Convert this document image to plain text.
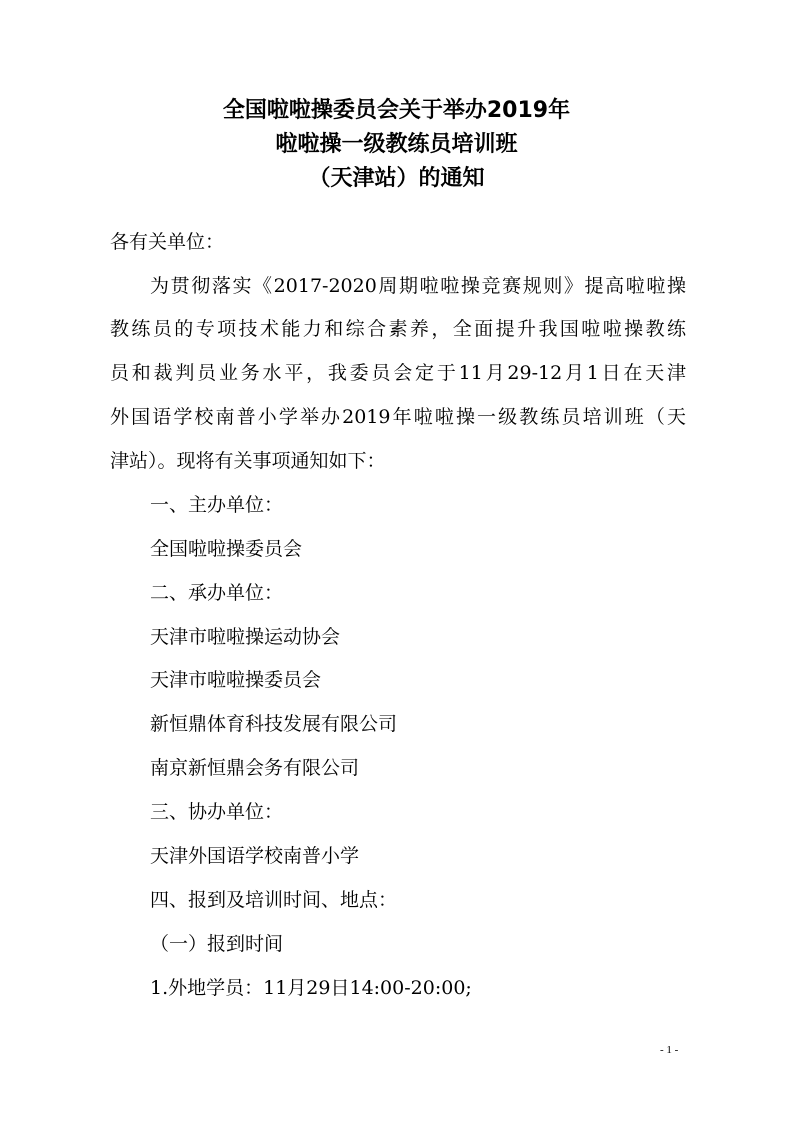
全国啦啦操委员会关于举办2019年
啦啦操一级教练员培训班
（天津站）的通知

各有关单位：

为贯彻落实《2017-2020周期啦啦操竞赛规则》提高啦啦操

教练员的专项技术能力和综合素养，全面提升我国啦啦操教练

员和裁判员业务水平，我委员会定于11月29-12月1日在天津

外国语学校南普小学举办2019年啦啦操一级教练员培训班（天

津站）。现将有关事项通知如下：

一、主办单位：

全国啦啦操委员会

二、承办单位：

天津市啦啦操运动协会

天津市啦啦操委员会

新恒鼎体育科技发展有限公司

南京新恒鼎会务有限公司

三、协办单位：

天津外国语学校南普小学

四、报到及培训时间、地点：

（一）报到时间

1.外地学员：11月29日14:00-20:00;

- 1 -
